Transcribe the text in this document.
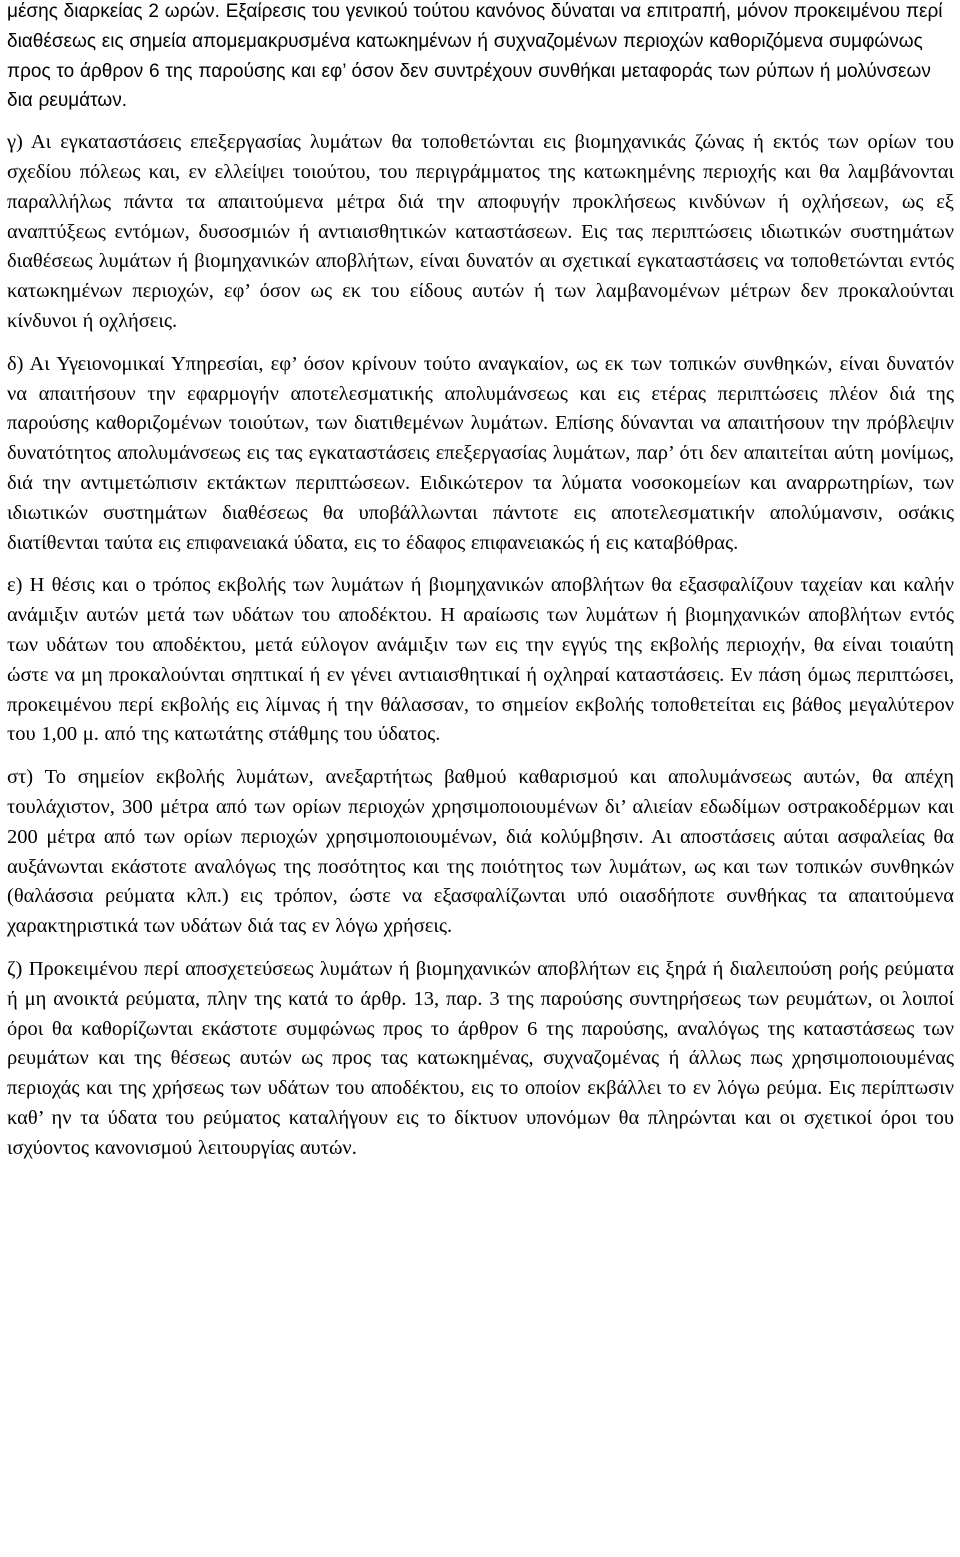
μέσης διαρκείας 2 ωρών. Εξαίρεσις του γενικού τούτου κανόνος δύναται να επιτραπή, μόνον προκειμένου περί διαθέσεως εις σημεία απομεμακρυσμένα κατωκημένων ή συχναζομένων περιοχών καθοριζόμενα συμφώνως προς το άρθρον 6 της παρούσης και εφ’ όσον δεν συντρέχουν συνθήκαι μεταφοράς των ρύπων ή μολύνσεων δια ρευμάτων.

γ) Αι εγκαταστάσεις επεξεργασίας λυμάτων θα τοποθετώνται εις βιομηχανικάς ζώνας ή εκτός των ορίων του σχεδίου πόλεως και, εν ελλείψει τοιούτου, του περιγράμματος της κατωκημένης περιοχής και θα λαμβάνονται παραλλήλως πάντα τα απαιτούμενα μέτρα διά την αποφυγήν προκλήσεως κινδύνων ή οχλήσεων, ως εξ αναπτύξεως εντόμων, δυσοσμιών ή αντιαισθητικών καταστάσεων. Εις τας περιπτώσεις ιδιωτικών συστημάτων διαθέσεως λυμάτων ή βιομηχανικών αποβλήτων, είναι δυνατόν αι σχετικαί εγκαταστάσεις να τοποθετώνται εντός κατωκημένων περιοχών, εφ’ όσον ως εκ του είδους αυτών ή των λαμβανομένων μέτρων δεν προκαλούνται κίνδυνοι ή οχλήσεις.

δ) Αι Υγειονομικαί Υπηρεσίαι, εφ’ όσον κρίνουν τούτο αναγκαίον, ως εκ των τοπικών συνθηκών, είναι δυνατόν να απαιτήσουν την εφαρμογήν αποτελεσματικής απολυμάνσεως και εις ετέρας περιπτώσεις πλέον διά της παρούσης καθοριζομένων τοιούτων, των διατιθεμένων λυμάτων. Επίσης δύνανται να απαιτήσουν την πρόβλεψιν δυνατότητος απολυμάνσεως εις τας εγκαταστάσεις επεξεργασίας λυμάτων, παρ’ ότι δεν απαιτείται αύτη μονίμως, διά την αντιμετώπισιν εκτάκτων περιπτώσεων. Ειδικώτερον τα λύματα νοσοκομείων και αναρρωτηρίων, των ιδιωτικών συστημάτων διαθέσεως θα υποβάλλωνται πάντοτε εις αποτελεσματικήν απολύμανσιν, οσάκις διατίθενται ταύτα εις επιφανειακά ύδατα, εις το έδαφος επιφανειακώς ή εις καταβόθρας.

ε) Η θέσις και ο τρόπος εκβολής των λυμάτων ή βιομηχανικών αποβλήτων θα εξασφαλίζουν ταχείαν και καλήν ανάμιξιν αυτών μετά των υδάτων του αποδέκτου. Η αραίωσις των λυμάτων ή βιομηχανικών αποβλήτων εντός των υδάτων του αποδέκτου, μετά εύλογον ανάμιξιν των εις την εγγύς της εκβολής περιοχήν, θα είναι τοιαύτη ώστε να μη προκαλούνται σηπτικαί ή εν γένει αντιαισθητικαί ή οχληραί καταστάσεις. Εν πάση όμως περιπτώσει, προκειμένου περί εκβολής εις λίμνας ή την θάλασσαν, το σημείον εκβολής τοποθετείται εις βάθος μεγαλύτερον του 1,00 μ. από της κατωτάτης στάθμης του ύδατος.

στ) Το σημείον εκβολής λυμάτων, ανεξαρτήτως βαθμού καθαρισμού και απολυμάνσεως αυτών, θα απέχη τουλάχιστον, 300 μέτρα από των ορίων περιοχών χρησιμοποιουμένων δι’ αλιείαν εδωδίμων οστρακοδέρμων και 200 μέτρα από των ορίων περιοχών χρησιμοποιουμένων, διά κολύμβησιν. Αι αποστάσεις αύται ασφαλείας θα αυξάνωνται εκάστοτε αναλόγως της ποσότητος και της ποιότητος των λυμάτων, ως και των τοπικών συνθηκών (θαλάσσια ρεύματα κλπ.) εις τρόπον, ώστε να εξασφαλίζωνται υπό οιασδήποτε συνθήκας τα απαιτούμενα χαρακτηριστικά των υδάτων διά τας εν λόγω χρήσεις.

ζ) Προκειμένου περί αποσχετεύσεως λυμάτων ή βιομηχανικών αποβλήτων εις ξηρά ή διαλειπούση ροής ρεύματα ή μη ανοικτά ρεύματα, πλην της κατά το άρθρ. 13, παρ. 3 της παρούσης συντηρήσεως των ρευμάτων, οι λοιποί όροι θα καθορίζωνται εκάστοτε συμφώνως προς το άρθρον 6 της παρούσης, αναλόγως της καταστάσεως των ρευμάτων και της θέσεως αυτών ως προς τας κατωκημένας, συχναζομένας ή άλλως πως χρησιμοποιουμένας περιοχάς και της χρήσεως των υδάτων του αποδέκτου, εις το οποίον εκβάλλει το εν λόγω ρεύμα. Εις περίπτωσιν καθ’ ην τα ύδατα του ρεύματος καταλήγουν εις το δίκτυον υπονόμων θα πληρώνται και οι σχετικοί όροι του ισχύοντος κανονισμού λειτουργίας αυτών.
